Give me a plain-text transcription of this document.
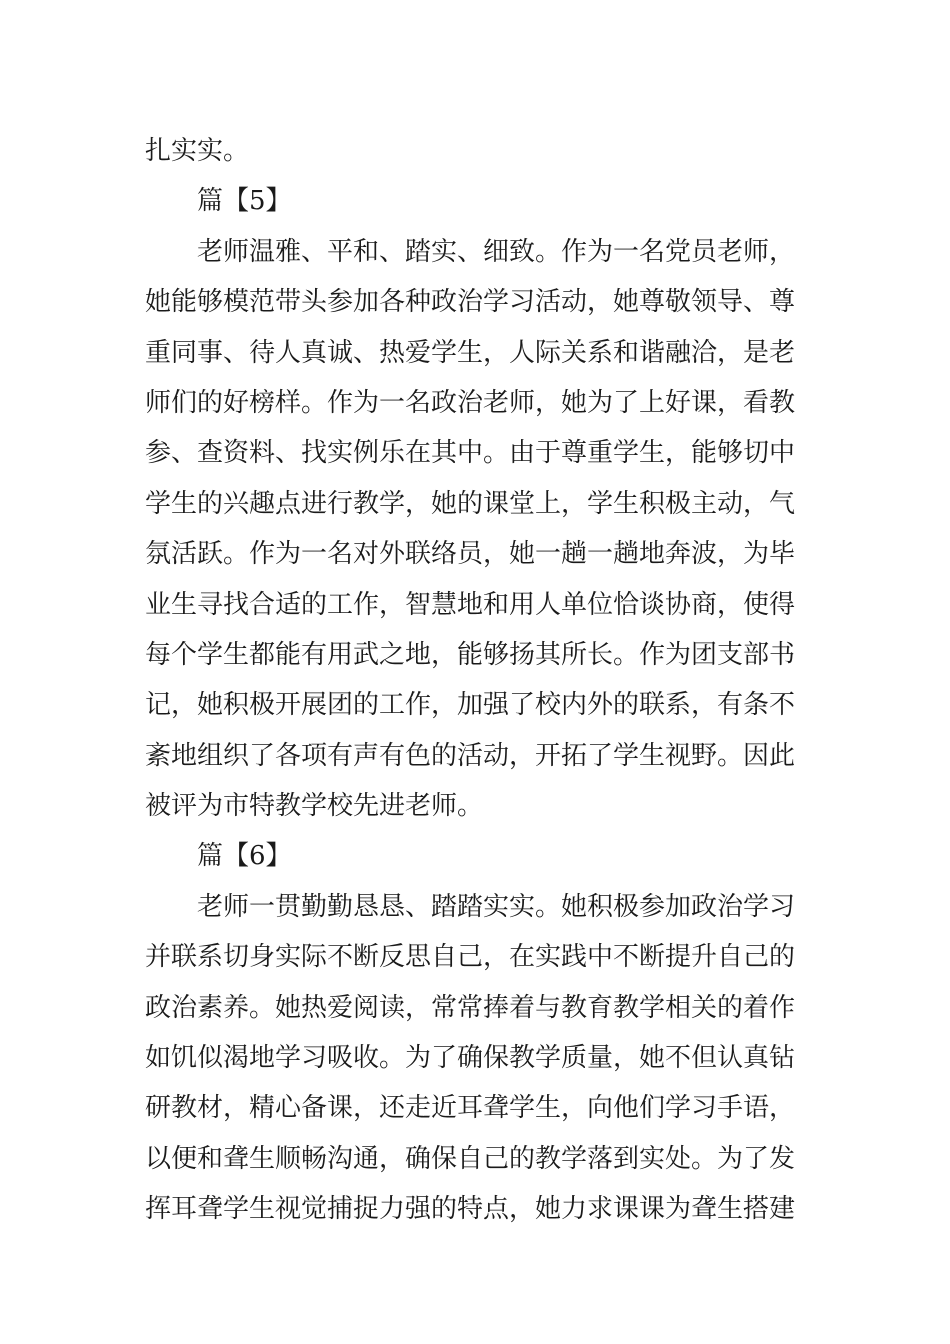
扎实实。
篇【5】
老师温雅、平和、踏实、细致。作为一名党员老师，
她能够模范带头参加各种政治学习活动，她尊敬领导、尊
重同事、待人真诚、热爱学生，人际关系和谐融洽，是老
师们的好榜样。作为一名政治老师，她为了上好课，看教
参、查资料、找实例乐在其中。由于尊重学生，能够切中
学生的兴趣点进行教学，她的课堂上，学生积极主动，气
氛活跃。作为一名对外联络员，她一趟一趟地奔波，为毕
业生寻找合适的工作，智慧地和用人单位恰谈协商，使得
每个学生都能有用武之地，能够扬其所长。作为团支部书
记，她积极开展团的工作，加强了校内外的联系，有条不
紊地组织了各项有声有色的活动，开拓了学生视野。因此
被评为市特教学校先进老师。
篇【6】
老师一贯勤勤恳恳、踏踏实实。她积极参加政治学习
并联系切身实际不断反思自己，在实践中不断提升自己的
政治素养。她热爱阅读，常常捧着与教育教学相关的着作
如饥似渴地学习吸收。为了确保教学质量，她不但认真钻
研教材，精心备课，还走近耳聋学生，向他们学习手语，
以便和聋生顺畅沟通，确保自己的教学落到实处。为了发
挥耳聋学生视觉捕捉力强的特点，她力求课课为聋生搭建
